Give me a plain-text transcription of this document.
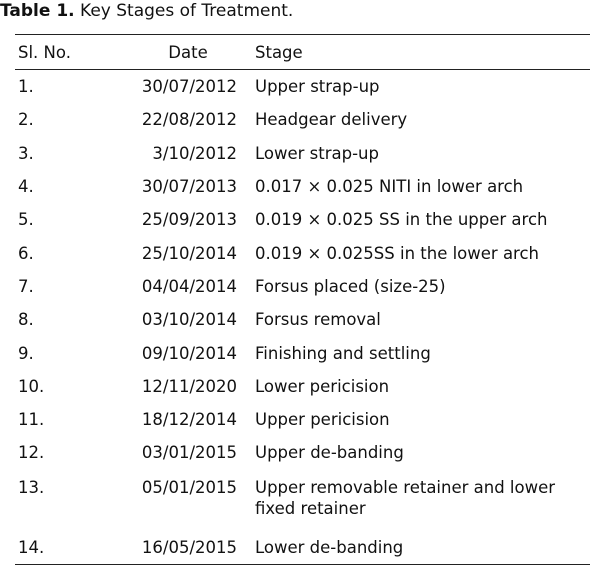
Table 1. Key Stages of Treatment.
Sl. No.	Date	Stage
1.	30/07/2012	Upper strap-up
2.	22/08/2012	Headgear delivery
3.	3/10/2012	Lower strap-up
4.	30/07/2013	0.017 × 0.025 NITI in lower arch
5.	25/09/2013	0.019 × 0.025 SS in the upper arch
6.	25/10/2014	0.019 × 0.025SS in the lower arch
7.	04/04/2014	Forsus placed (size-25)
8.	03/10/2014	Forsus removal
9.	09/10/2014	Finishing and settling
10.	12/11/2020	Lower pericision
11.	18/12/2014	Upper pericision
12.	03/01/2015	Upper de-banding
13.	05/01/2015	Upper removable retainer and lower fixed retainer
14.	16/05/2015	Lower de-banding
